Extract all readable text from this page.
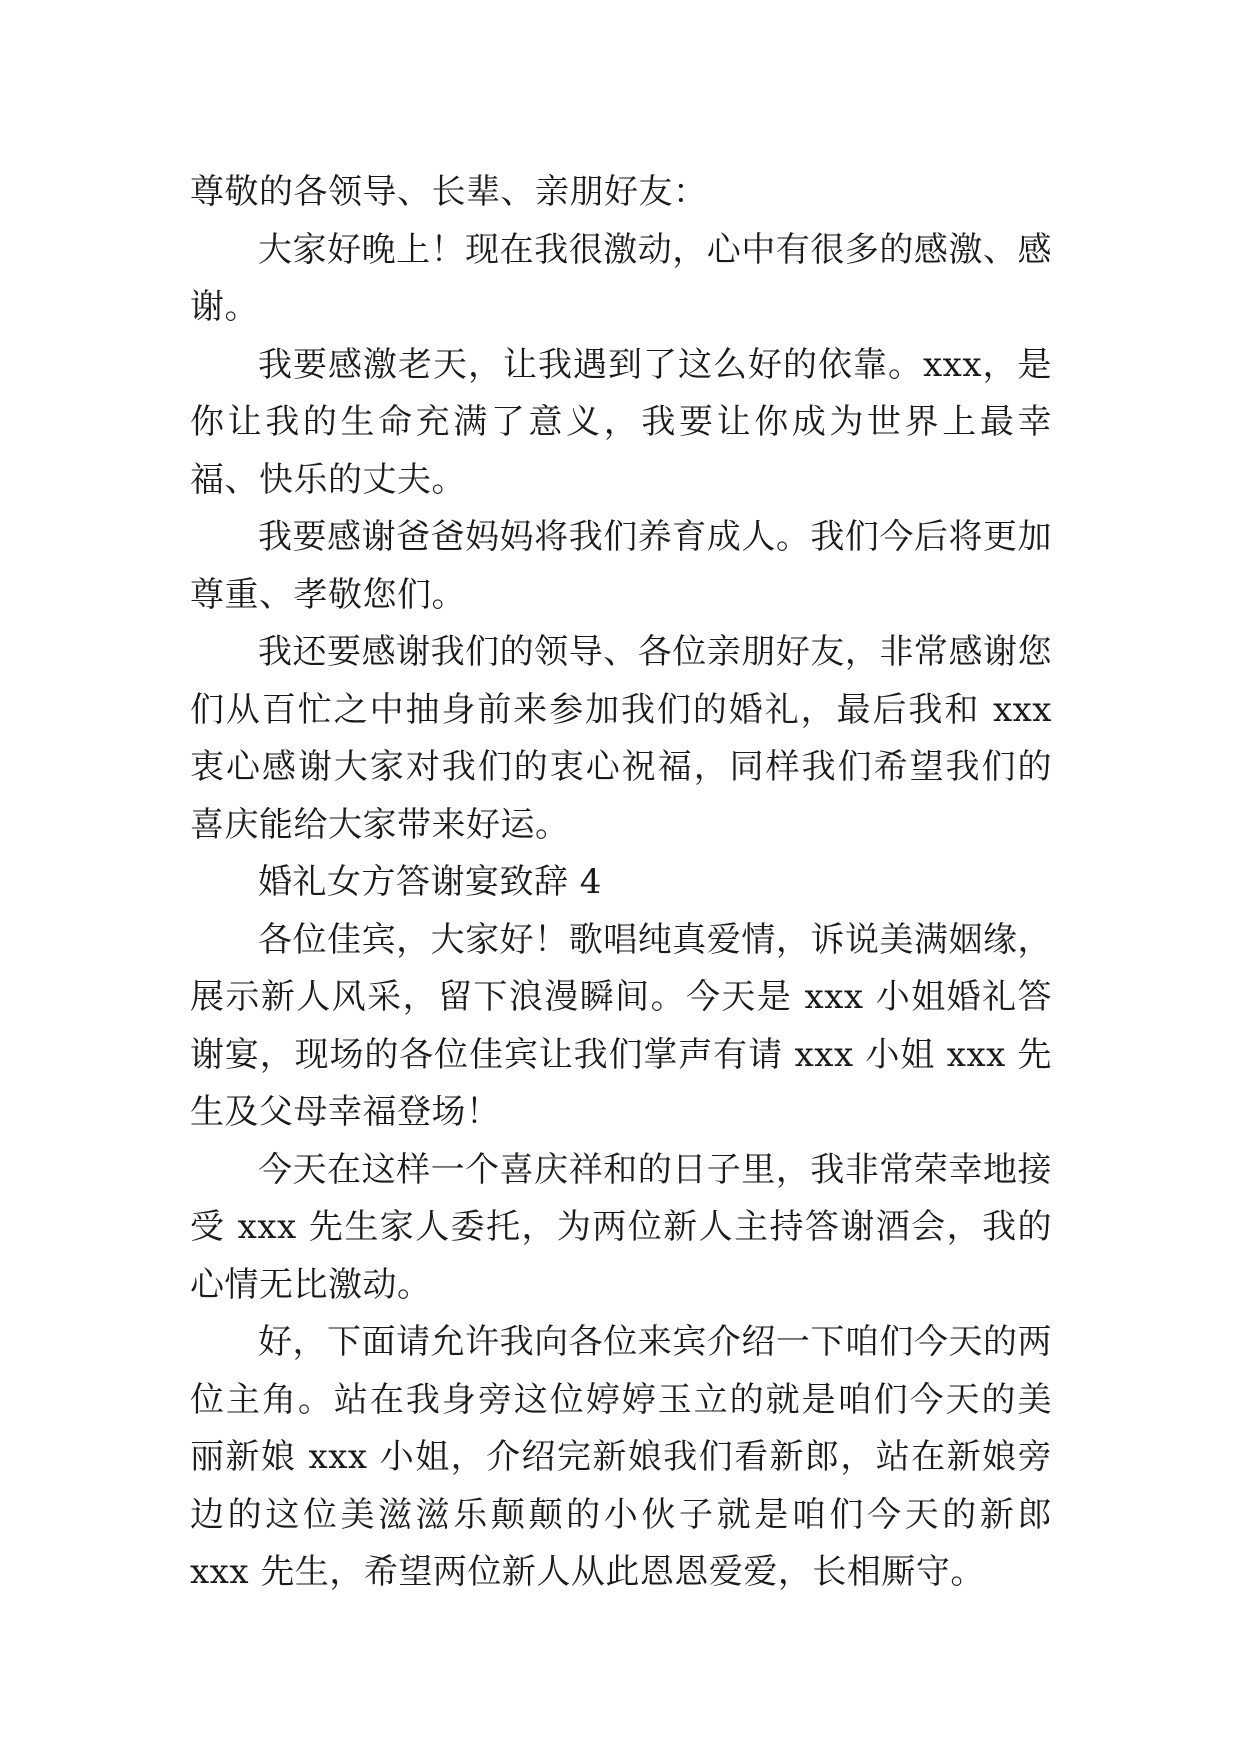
尊敬的各领导、长辈、亲朋好友：

大家好晚上！现在我很激动，心中有很多的感激、感谢。

我要感激老天，让我遇到了这么好的依靠。xxx，是你让我的生命充满了意义，我要让你成为世界上最幸福、快乐的丈夫。

我要感谢爸爸妈妈将我们养育成人。我们今后将更加尊重、孝敬您们。

我还要感谢我们的领导、各位亲朋好友，非常感谢您们从百忙之中抽身前来参加我们的婚礼，最后我和 xxx 衷心感谢大家对我们的衷心祝福，同样我们希望我们的喜庆能给大家带来好运。

婚礼女方答谢宴致辞 4

各位佳宾，大家好！歌唱纯真爱情，诉说美满姻缘，展示新人风采，留下浪漫瞬间。今天是 xxx 小姐婚礼答谢宴，现场的各位佳宾让我们掌声有请 xxx 小姐 xxx 先生及父母幸福登场！

今天在这样一个喜庆祥和的日子里，我非常荣幸地接受 xxx 先生家人委托，为两位新人主持答谢酒会，我的心情无比激动。

好，下面请允许我向各位来宾介绍一下咱们今天的两位主角。站在我身旁这位婷婷玉立的就是咱们今天的美丽新娘 xxx 小姐，介绍完新娘我们看新郎，站在新娘旁边的这位美滋滋乐颠颠的小伙子就是咱们今天的新郎 xxx 先生，希望两位新人从此恩恩爱爱，长相厮守。
